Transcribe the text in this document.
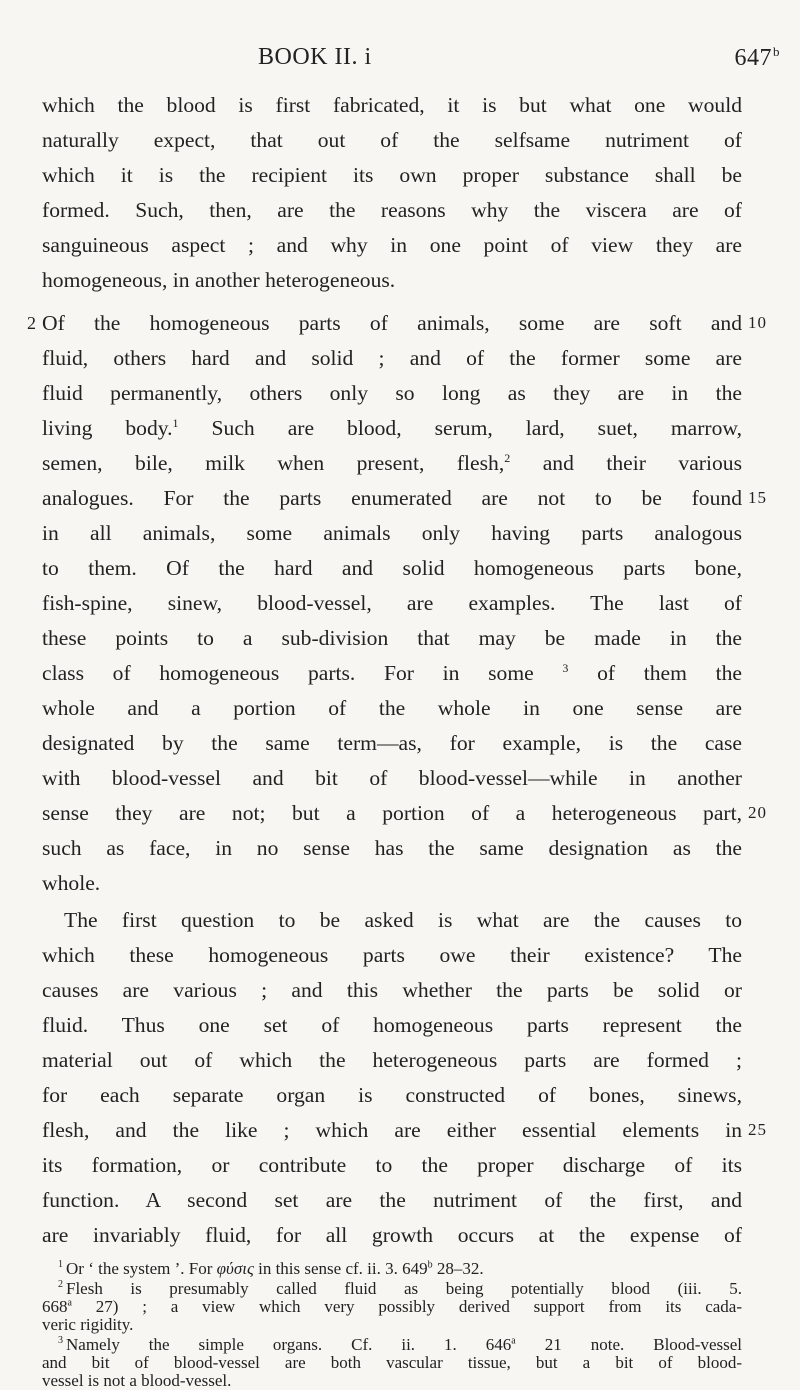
BOOK II. i	647$^b$
which the blood is first fabricated, it is but what one would
naturally expect, that out of the selfsame nutriment of
which it is the recipient its own proper substance shall be
formed. Such, then, are the reasons why the viscera are of
sanguineous aspect ; and why in one point of view they are
homogeneous, in another heterogeneous.
2 Of the homogeneous parts of animals, some are soft and
fluid, others hard and solid ; and of the former some are
fluid permanently, others only so long as they are in the
living body.$^1$ Such are blood, serum, lard, suet, marrow,
semen, bile, milk when present, flesh,$^2$ and their various
analogues. For the parts enumerated are not to be found
in all animals, some animals only having parts analogous
to them. Of the hard and solid homogeneous parts bone,
fish-spine, sinew, blood-vessel, are examples. The last of
these points to a sub-division that may be made in the
class of homogeneous parts. For in some $^3$ of them the
whole and a portion of the whole in one sense are
designated by the same term—as, for example, is the case
with blood-vessel and bit of blood-vessel—while in another
sense they are not; but a portion of a heterogeneous part,
such as face, in no sense has the same designation as the
whole.
The first question to be asked is what are the causes to
which these homogeneous parts owe their existence? The
causes are various ; and this whether the parts be solid or
fluid. Thus one set of homogeneous parts represent the
material out of which the heterogeneous parts are formed ;
for each separate organ is constructed of bones, sinews,
flesh, and the like ; which are either essential elements in
its formation, or contribute to the proper discharge of its
function. A second set are the nutriment of the first, and
are invariably fluid, for all growth occurs at the expense of
10
15
20
25
$^1$ Or ‘ the system ’. For φύσις in this sense cf. ii. 3. 649$^b$ 28–32.
$^2$ Flesh is presumably called fluid as being potentially blood (iii. 5.
668$^a$ 27) ; a view which very possibly derived support from its cada-
veric rigidity.
$^3$ Namely the simple organs. Cf. ii. 1. 646$^a$ 21 note. Blood-vessel
and bit of blood-vessel are both vascular tissue, but a bit of blood-
vessel is not a blood-vessel.
